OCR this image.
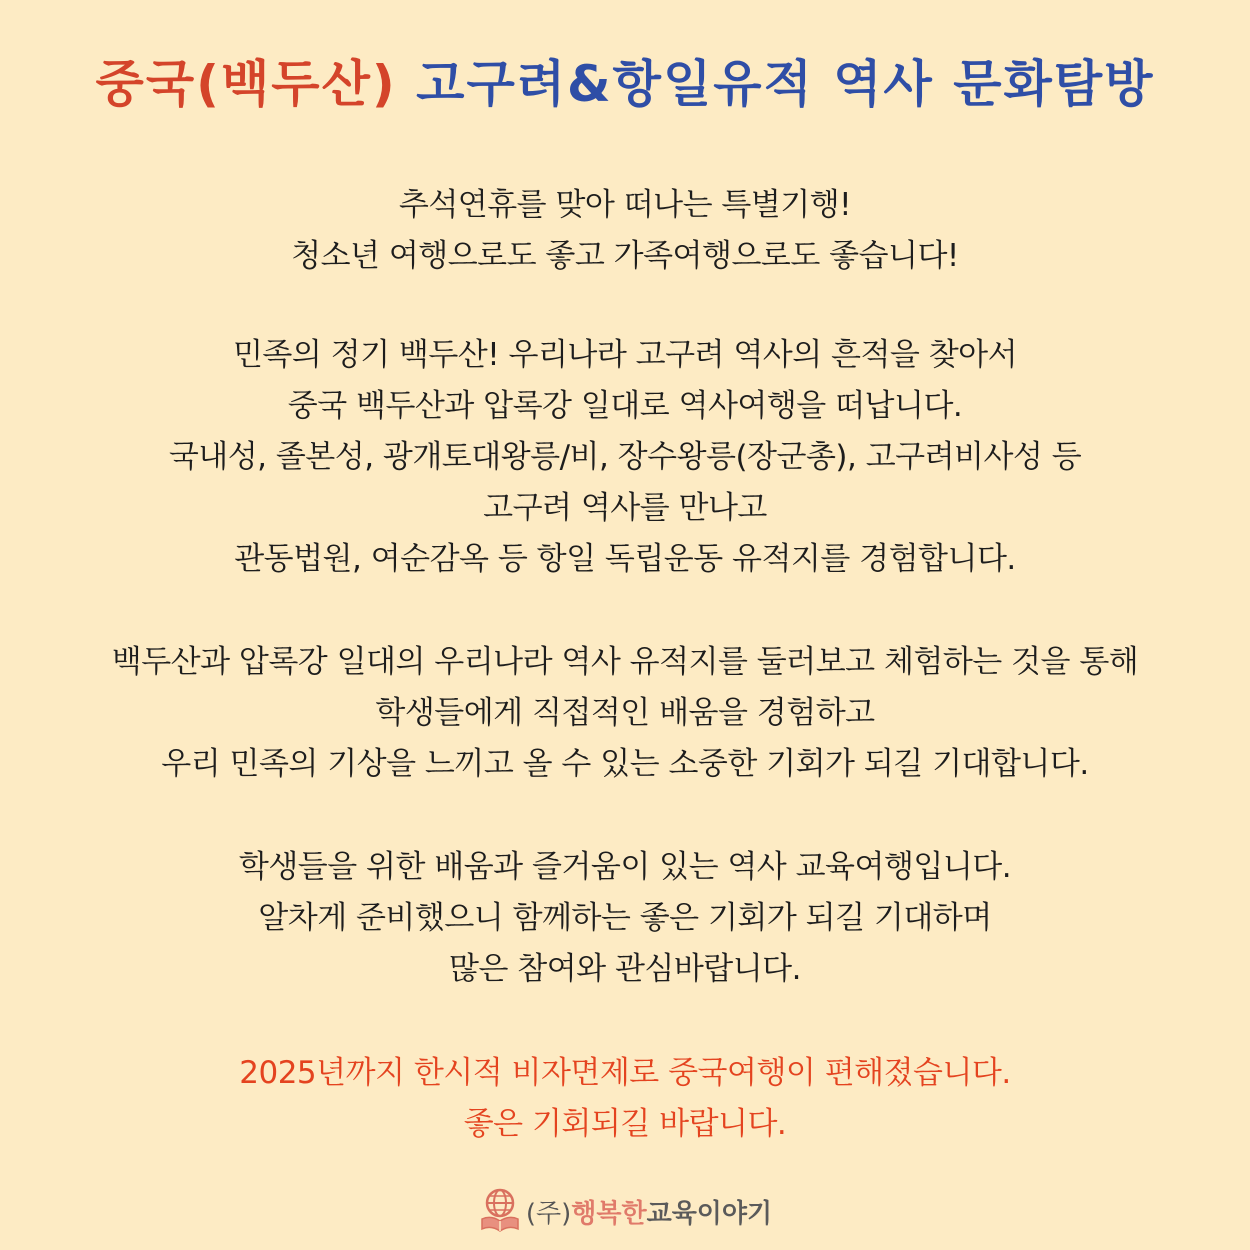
중국(백두산) 고구려&항일유적 역사 문화탐방
추석연휴를 맞아 떠나는 특별기행!
청소년 여행으로도 좋고 가족여행으로도 좋습니다!
민족의 정기 백두산! 우리나라 고구려 역사의 흔적을 찾아서
중국 백두산과 압록강 일대로 역사여행을 떠납니다.
국내성, 졸본성, 광개토대왕릉/비, 장수왕릉(장군총), 고구려비사성 등
고구려 역사를 만나고
관동법원, 여순감옥 등 항일 독립운동 유적지를 경험합니다.
백두산과 압록강 일대의 우리나라 역사 유적지를 둘러보고 체험하는 것을 통해
학생들에게 직접적인 배움을 경험하고
우리 민족의 기상을 느끼고 올 수 있는 소중한 기회가 되길 기대합니다.
학생들을 위한 배움과 즐거움이 있는 역사 교육여행입니다.
알차게 준비했으니 함께하는 좋은 기회가 되길 기대하며
많은 참여와 관심바랍니다.
2025년까지 한시적 비자면제로 중국여행이 편해졌습니다.
좋은 기회되길 바랍니다.
(주)행복한교육이야기
